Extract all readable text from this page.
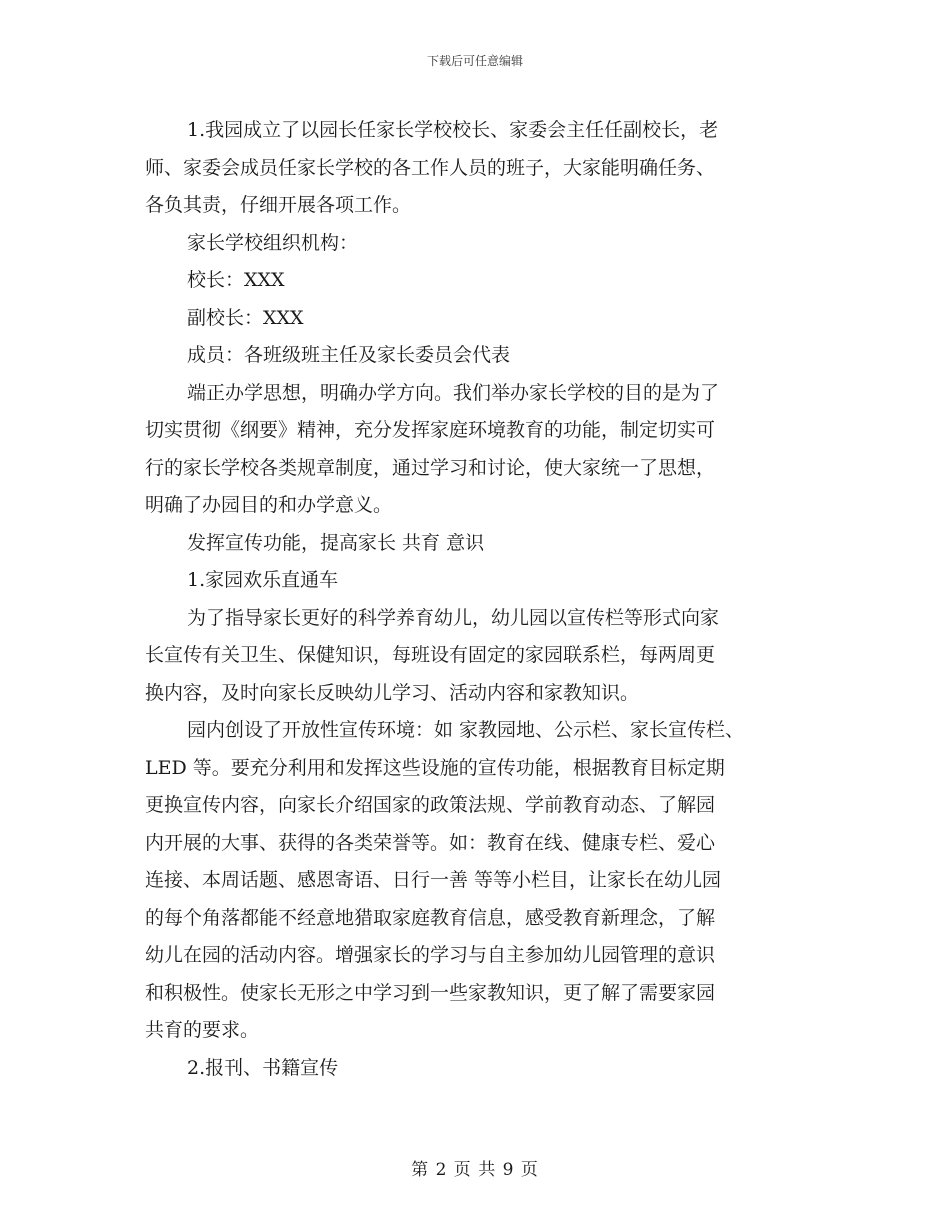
下载后可任意编辑
1.我园成立了以园长任家长学校校长、家委会主任任副校长，老
师、家委会成员任家长学校的各工作人员的班子，大家能明确任务、
各负其责，仔细开展各项工作。
家长学校组织机构：
校长：XXX
副校长：XXX
成员：各班级班主任及家长委员会代表
端正办学思想，明确办学方向。我们举办家长学校的目的是为了
切实贯彻《纲要》精神，充分发挥家庭环境教育的功能，制定切实可
行的家长学校各类规章制度，通过学习和讨论，使大家统一了思想，
明确了办园目的和办学意义。
发挥宣传功能，提高家长 共育 意识
1.家园欢乐直通车
为了指导家长更好的科学养育幼儿，幼儿园以宣传栏等形式向家
长宣传有关卫生、保健知识，每班设有固定的家园联系栏，每两周更
换内容，及时向家长反映幼儿学习、活动内容和家教知识。
园内创设了开放性宣传环境：如 家教园地、公示栏、家长宣传栏、
LED 等。要充分利用和发挥这些设施的宣传功能，根据教育目标定期
更换宣传内容，向家长介绍国家的政策法规、学前教育动态、了解园
内开展的大事、获得的各类荣誉等。如：教育在线、健康专栏、爱心
连接、本周话题、感恩寄语、日行一善 等等小栏目，让家长在幼儿园
的每个角落都能不经意地猎取家庭教育信息，感受教育新理念，了解
幼儿在园的活动内容。增强家长的学习与自主参加幼儿园管理的意识
和积极性。使家长无形之中学习到一些家教知识，更了解了需要家园
共育的要求。
2.报刊、书籍宣传
第 2 页 共 9 页
